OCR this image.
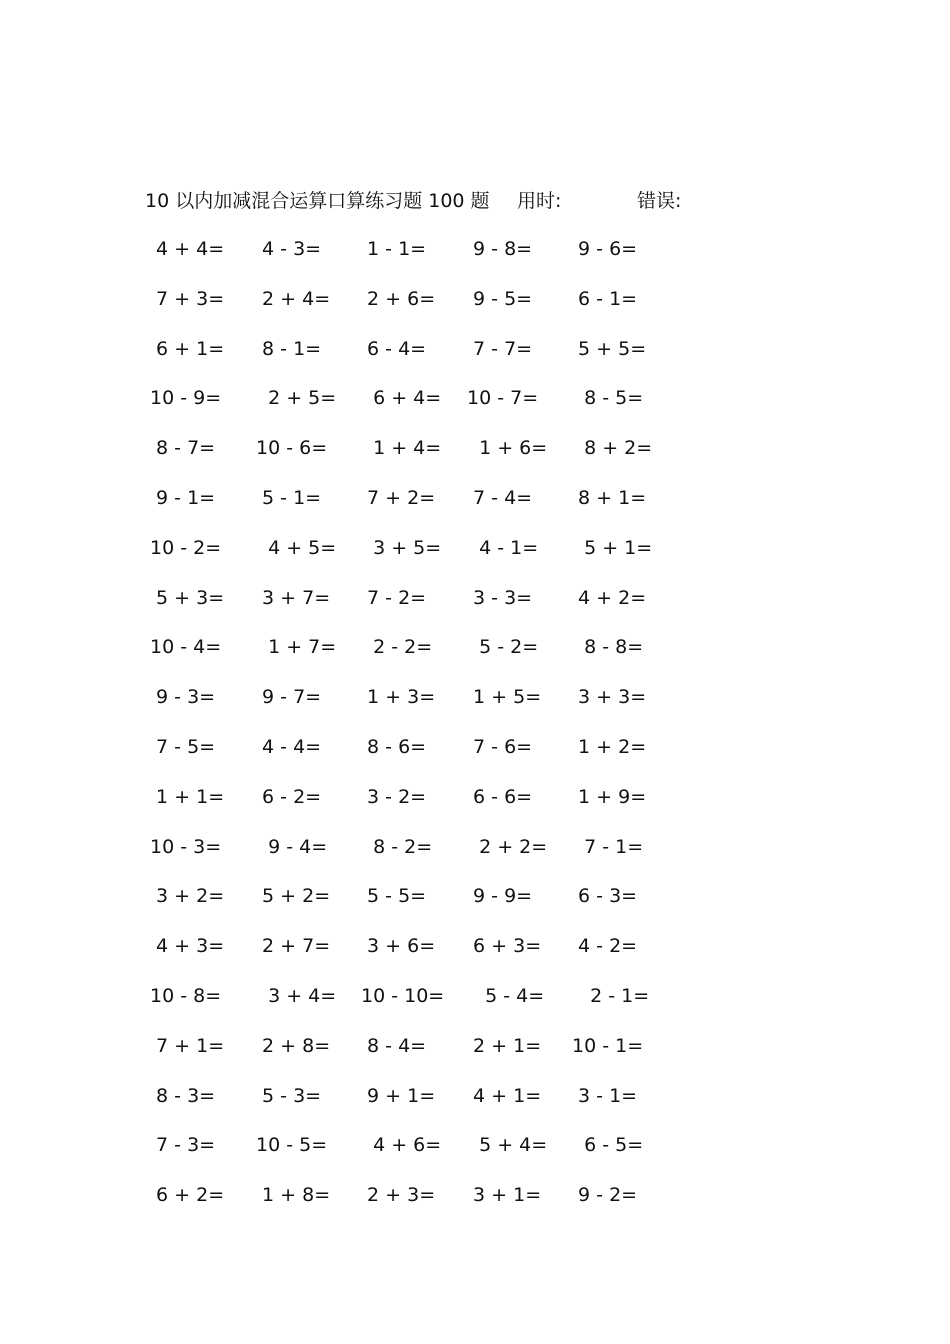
10 以内加减混合运算口算练习题 100 题 用时:	错误:
4 + 4= 4 - 3= 1 - 1= 9 - 8= 9 - 6=
7 + 3= 2 + 4= 2 + 6= 9 - 5= 6 - 1=
6 + 1= 8 - 1= 6 - 4= 7 - 7= 5 + 5=
10 - 9= 2 + 5= 6 + 4= 10 - 7= 8 - 5=
8 - 7= 10 - 6= 1 + 4= 1 + 6= 8 + 2=
9 - 1= 5 - 1= 7 + 2= 7 - 4= 8 + 1=
10 - 2= 4 + 5= 3 + 5= 4 - 1= 5 + 1=
5 + 3= 3 + 7= 7 - 2= 3 - 3= 4 + 2=
10 - 4= 1 + 7= 2 - 2= 5 - 2= 8 - 8=
9 - 3= 9 - 7= 1 + 3= 1 + 5= 3 + 3=
7 - 5= 4 - 4= 8 - 6= 7 - 6= 1 + 2=
1 + 1= 6 - 2= 3 - 2= 6 - 6= 1 + 9=
10 - 3= 9 - 4= 8 - 2= 2 + 2= 7 - 1=
3 + 2= 5 + 2= 5 - 5= 9 - 9= 6 - 3=
4 + 3= 2 + 7= 3 + 6= 6 + 3= 4 - 2=
10 - 8= 3 + 4= 10 - 10= 5 - 4= 2 - 1=
7 + 1= 2 + 8= 8 - 4= 2 + 1= 10 - 1=
8 - 3= 5 - 3= 9 + 1= 4 + 1= 3 - 1=
7 - 3= 10 - 5= 4 + 6= 5 + 4= 6 - 5=
6 + 2= 1 + 8= 2 + 3= 3 + 1= 9 - 2=
